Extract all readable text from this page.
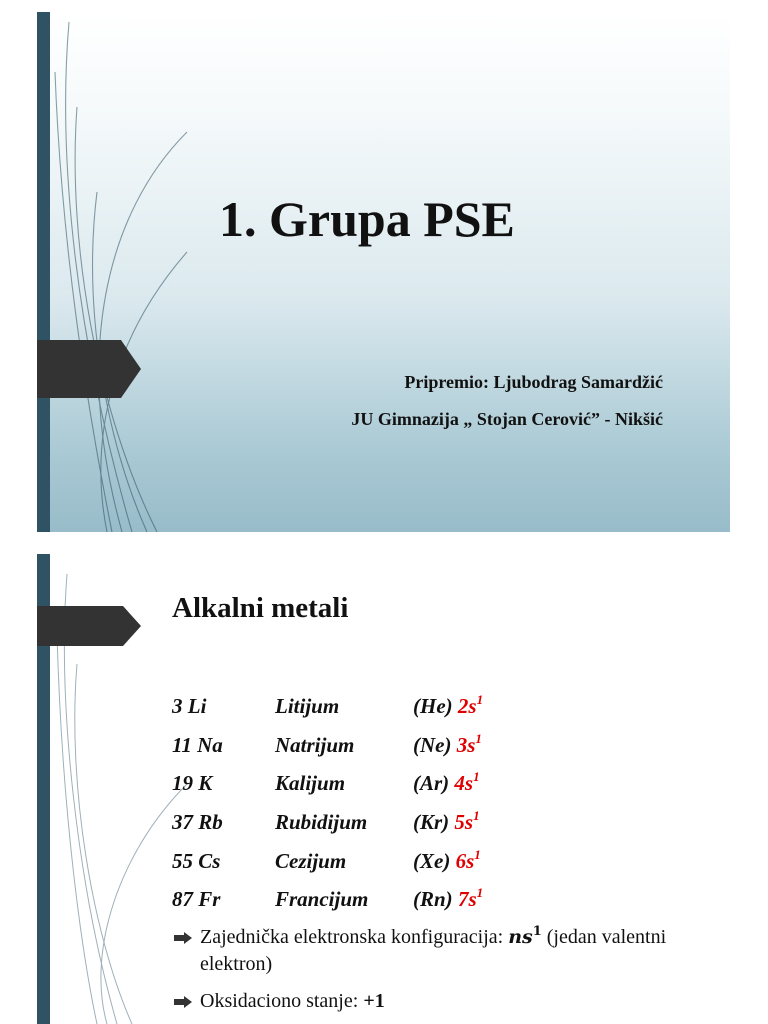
1. Grupa PSE
Pripremio: Ljubodrag Samardžić
JU Gimnazija „ Stojan Cerović” - Nikšić
Alkalni metali
3 Li	Litijum	(He) $2s^1$
11 Na Natrijum	(Ne) $3s^1$
19 K	Kalijum	(Ar) $4s^1$
37 Rb Rubidijum (Kr) $5s^1$
55 Cs	Cezijum	(Xe) $6s^1$
87 Fr	Francijum (Rn) $7s^1$
Zajednička elektronska konfiguracija: $ns^1$ (jedan valentni elektron)
Oksidaciono stanje: +1
